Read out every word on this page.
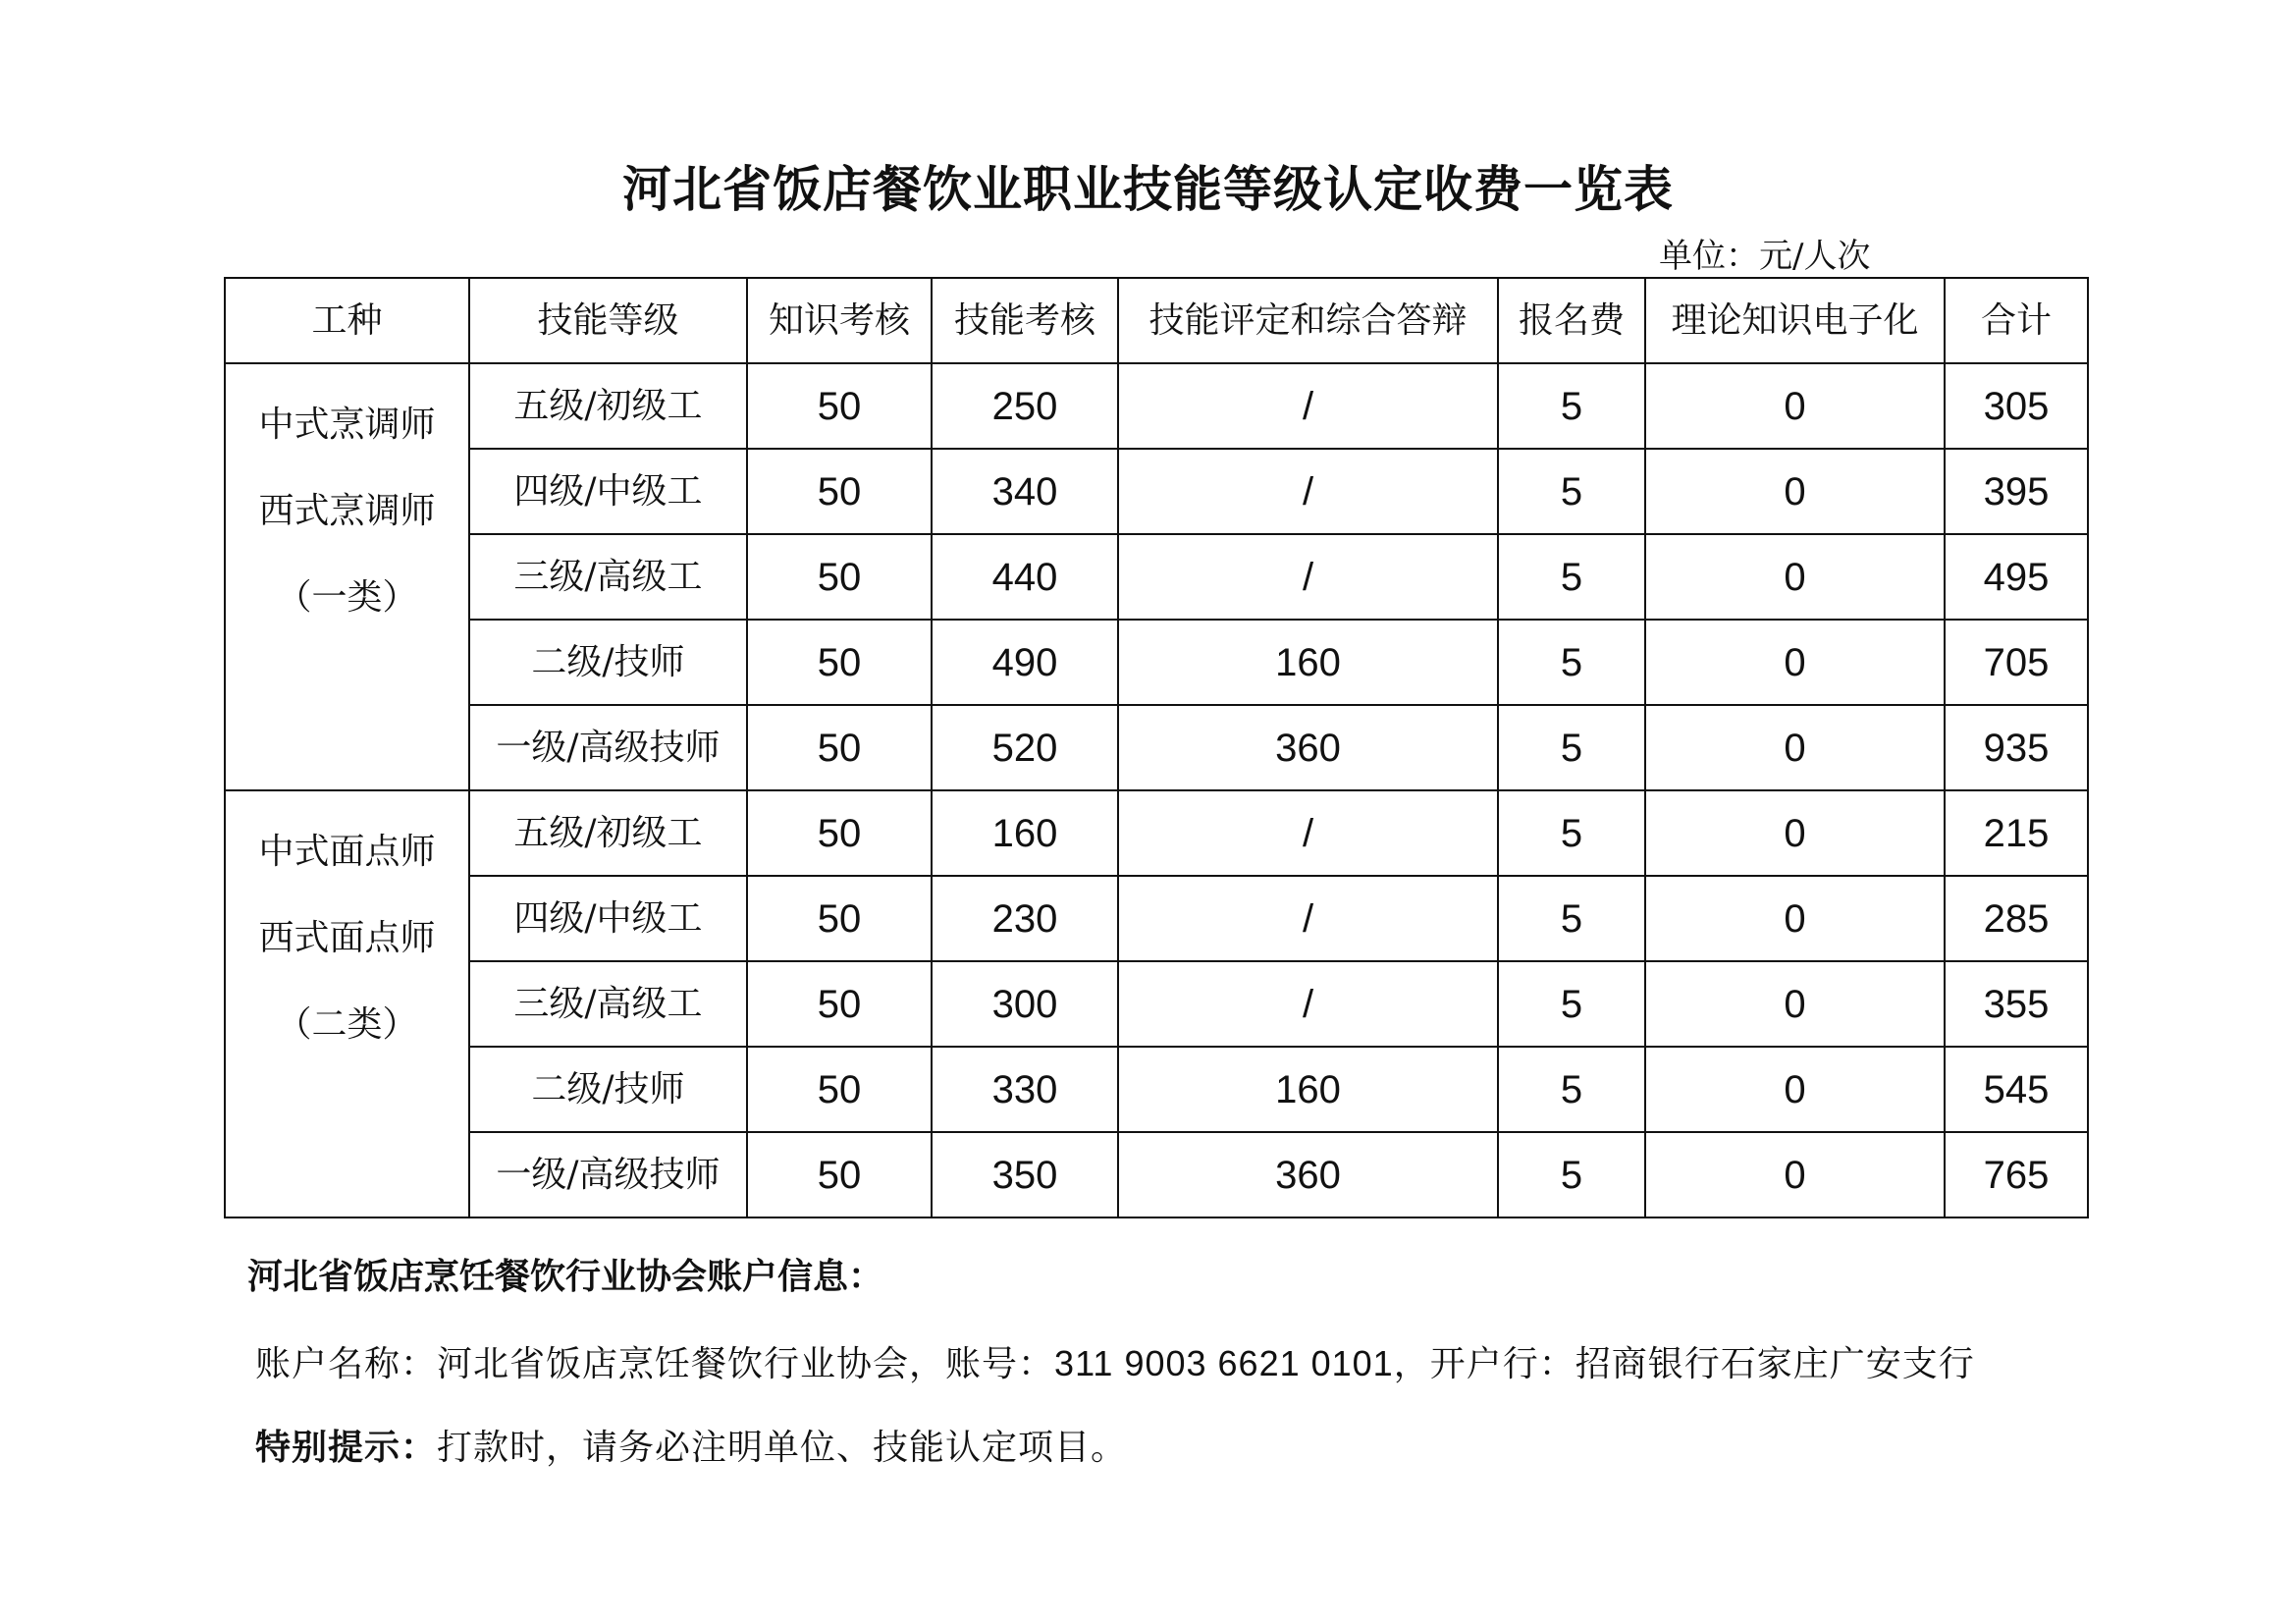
河北省饭店餐饮业职业技能等级认定收费一览表
单位：元/人次
工种	技能等级	知识考核	技能考核	技能评定和综合答辩	报名费	理论知识电子化	合计

中式烹调师
西式烹调师
（一类）	五级/初级工	50	250	/	5	0	305
	四级/中级工	50	340	/	5	0	395
	三级/高级工	50	440	/	5	0	495
	二级/技师	50	490	160	5	0	705
	一级/高级技师	50	520	360	5	0	935

中式面点师
西式面点师
（二类）	五级/初级工	50	160	/	5	0	215
	四级/中级工	50	230	/	5	0	285
	三级/高级工	50	300	/	5	0	355
	二级/技师	50	330	160	5	0	545
	一级/高级技师	50	350	360	5	0	765
河北省饭店烹饪餐饮行业协会账户信息：
账户名称：河北省饭店烹饪餐饮行业协会，账号：311 9003 6621 0101，开户行：招商银行石家庄广安支行
特别提示：打款时，请务必注明单位、技能认定项目。
